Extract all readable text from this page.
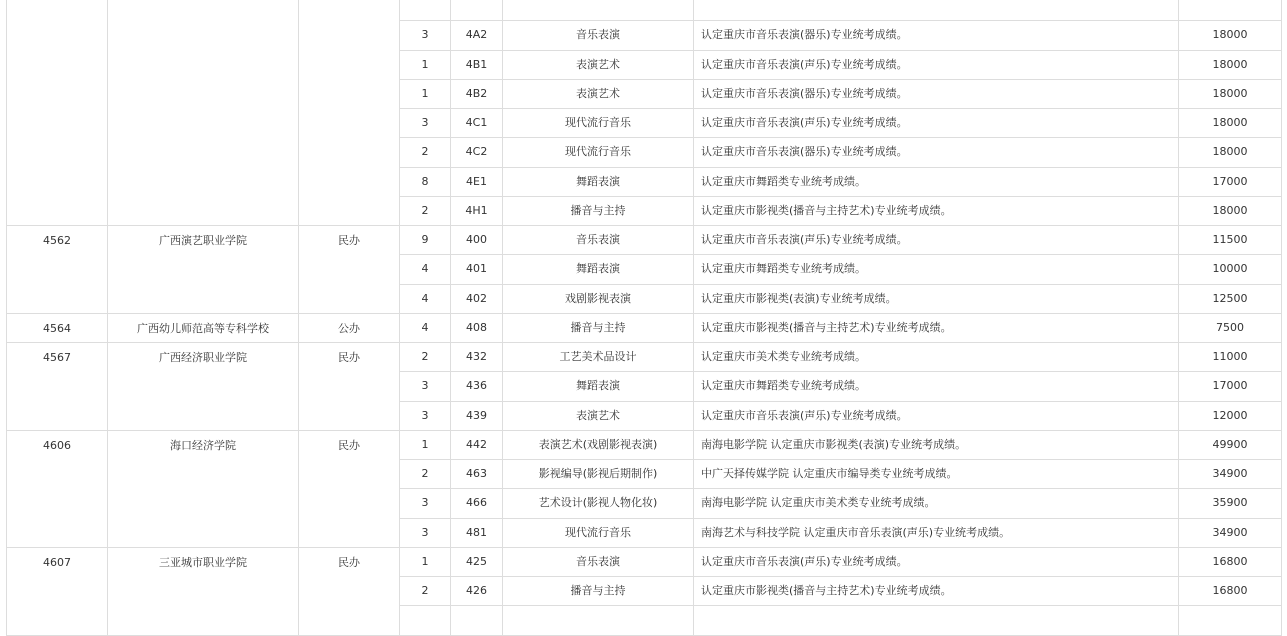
			3	4A2	音乐表演	认定重庆市音乐表演(器乐)专业统考成绩。	18000	
			1	4B1	表演艺术	认定重庆市音乐表演(声乐)专业统考成绩。	18000	
			1	4B2	表演艺术	认定重庆市音乐表演(器乐)专业统考成绩。	18000	
			3	4C1	现代流行音乐	认定重庆市音乐表演(声乐)专业统考成绩。	18000	
			2	4C2	现代流行音乐	认定重庆市音乐表演(器乐)专业统考成绩。	18000	
			8	4E1	舞蹈表演	认定重庆市舞蹈类专业统考成绩。	17000	
			2	4H1	播音与主持	认定重庆市影视类(播音与主持艺术)专业统考成绩。	18000	
4562	广西演艺职业学院	民办	9	400	音乐表演	认定重庆市音乐表演(声乐)专业统考成绩。	11500	
			4	401	舞蹈表演	认定重庆市舞蹈类专业统考成绩。	10000	
			4	402	戏剧影视表演	认定重庆市影视类(表演)专业统考成绩。	12500	
4564	广西幼儿师范高等专科学校	公办	4	408	播音与主持	认定重庆市影视类(播音与主持艺术)专业统考成绩。	7500	
4567	广西经济职业学院	民办	2	432	工艺美术品设计	认定重庆市美术类专业统考成绩。	11000	
			3	436	舞蹈表演	认定重庆市舞蹈类专业统考成绩。	17000	
			3	439	表演艺术	认定重庆市音乐表演(声乐)专业统考成绩。	12000	
4606	海口经济学院	民办	1	442	表演艺术(戏剧影视表演)	南海电影学院 认定重庆市影视类(表演)专业统考成绩。	49900	
			2	463	影视编导(影视后期制作)	中广天择传媒学院 认定重庆市编导类专业统考成绩。	34900	
			3	466	艺术设计(影视人物化妆)	南海电影学院 认定重庆市美术类专业统考成绩。	35900	
			3	481	现代流行音乐	南海艺术与科技学院 认定重庆市音乐表演(声乐)专业统考成绩。	34900	
4607	三亚城市职业学院	民办	1	425	音乐表演	认定重庆市音乐表演(声乐)专业统考成绩。	16800	
			2	426	播音与主持	认定重庆市影视类(播音与主持艺术)专业统考成绩。	16800	
